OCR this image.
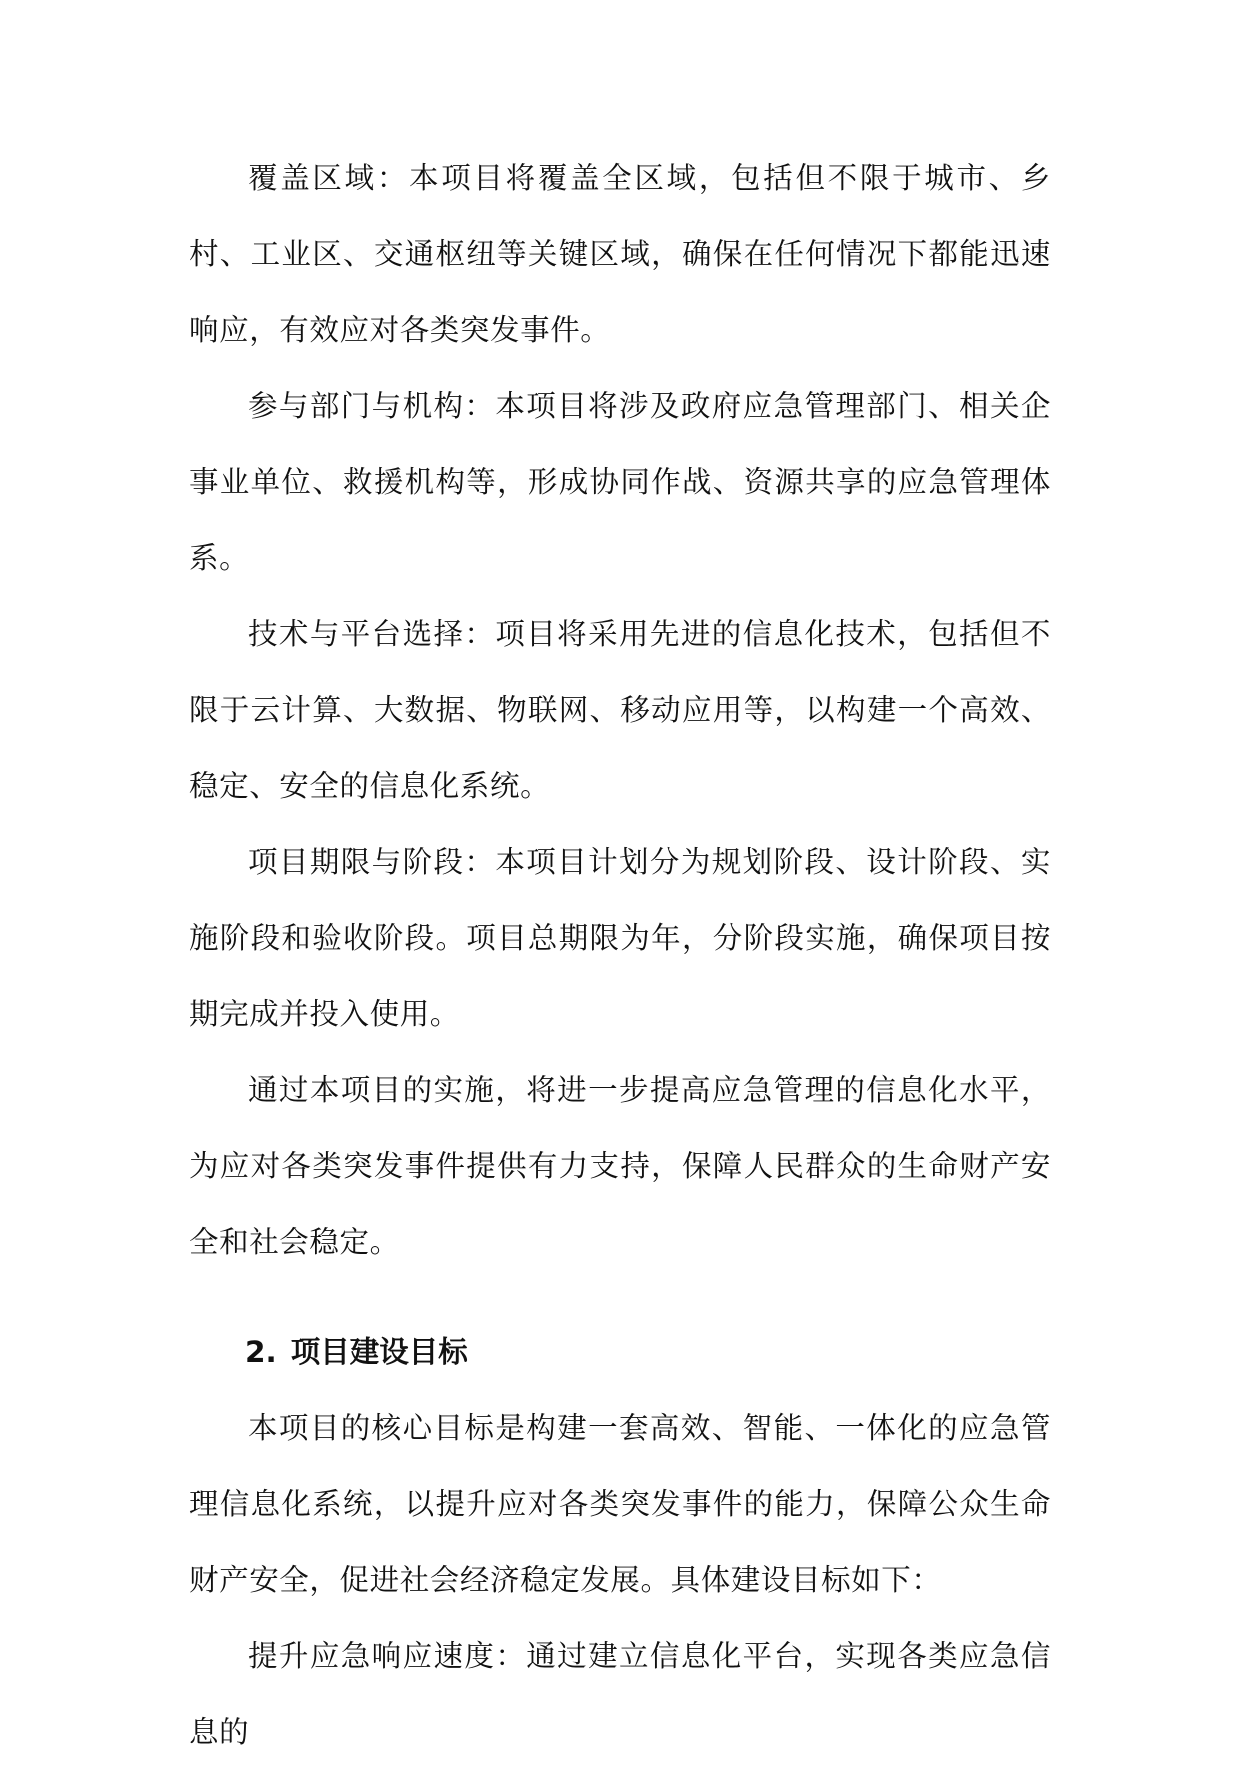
覆盖区域：本项目将覆盖全区域，包括但不限于城市、乡村、工业区、交通枢纽等关键区域，确保在任何情况下都能迅速响应，有效应对各类突发事件。

参与部门与机构：本项目将涉及政府应急管理部门、相关企事业单位、救援机构等，形成协同作战、资源共享的应急管理体系。

技术与平台选择：项目将采用先进的信息化技术，包括但不限于云计算、大数据、物联网、移动应用等，以构建一个高效、稳定、安全的信息化系统。

项目期限与阶段：本项目计划分为规划阶段、设计阶段、实施阶段和验收阶段。项目总期限为年，分阶段实施，确保项目按期完成并投入使用。

通过本项目的实施，将进一步提高应急管理的信息化水平，为应对各类突发事件提供有力支持，保障人民群众的生命财产安全和社会稳定。

2. 项目建设目标

本项目的核心目标是构建一套高效、智能、一体化的应急管理信息化系统，以提升应对各类突发事件的能力，保障公众生命财产安全，促进社会经济稳定发展。具体建设目标如下：

提升应急响应速度：通过建立信息化平台，实现各类应急信息的
